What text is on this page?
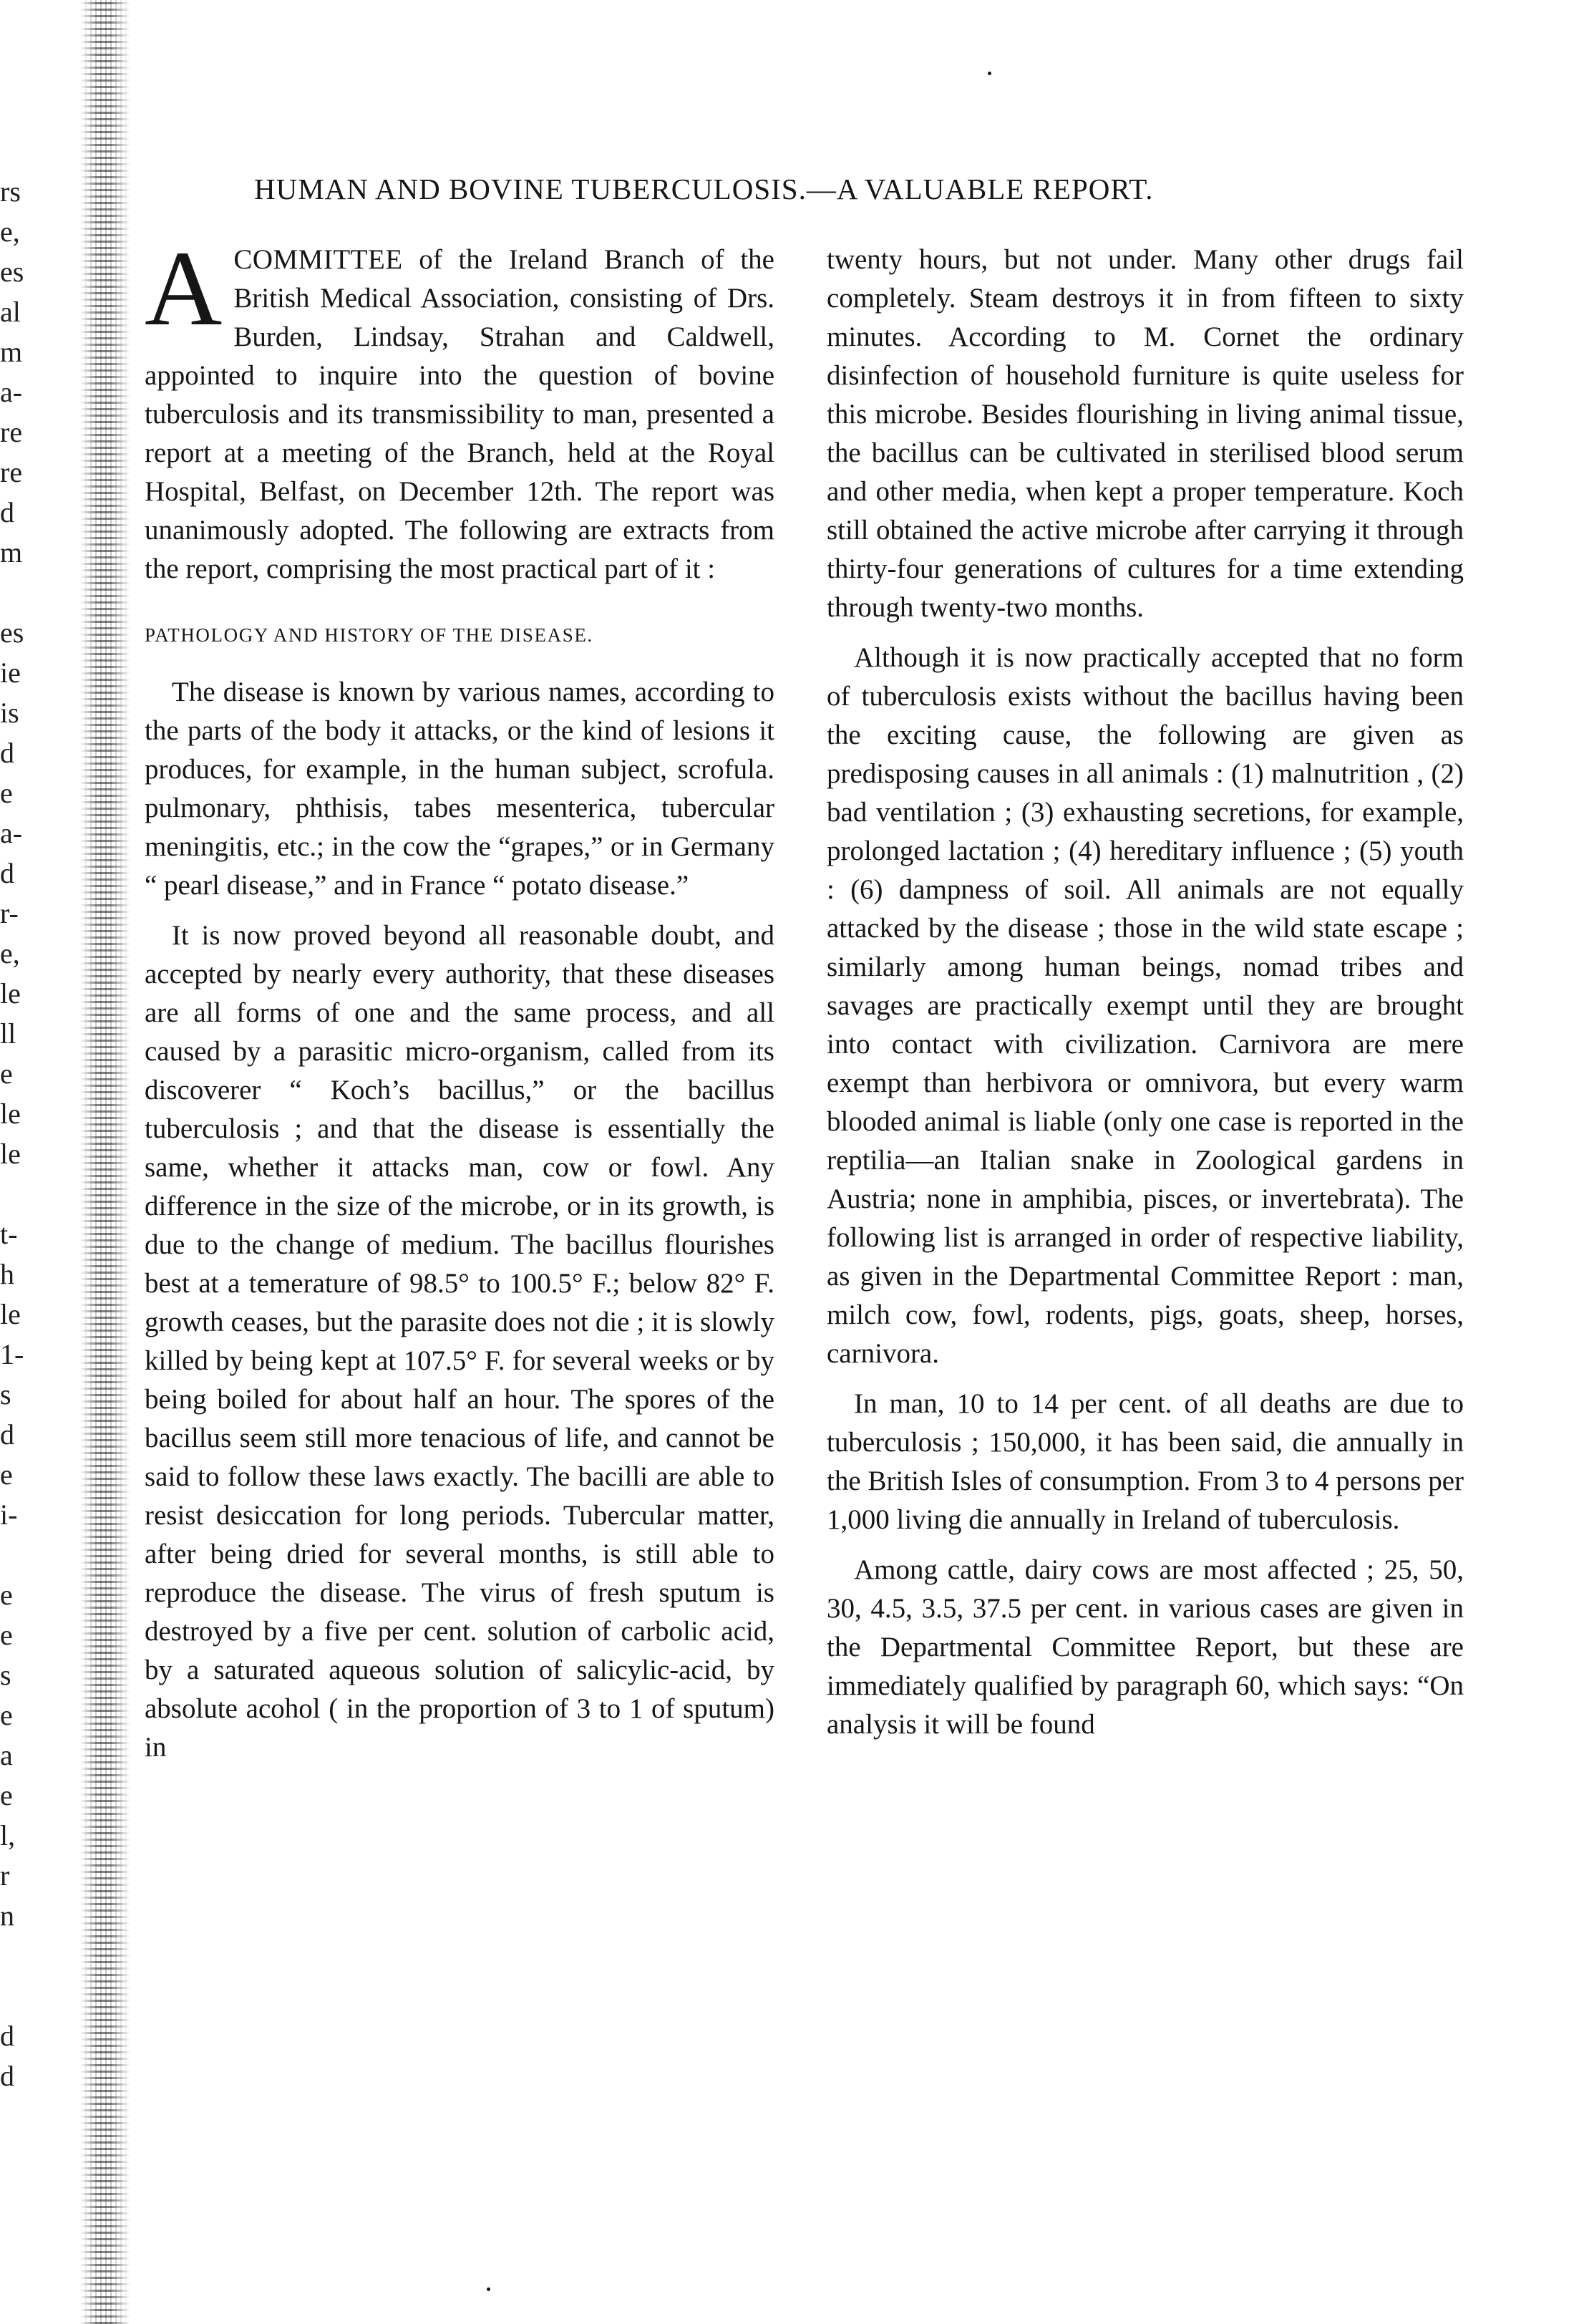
rs
e,
es
al
m
a-
re
re
d
m
es
ie
is
d
e
a-
d
r-
e,
le
ll
e
le
le
t-
h
le
1-
s
d
e
i-
e
e
s
e
a
e
l,
r
n
d
d
HUMAN AND BOVINE TUBERCULOSIS.—A VALUABLE REPORT.

ACOMMITTEE of the Ireland Branch of the British Medical Association, consisting of Drs. Burden, Lindsay, Strahan and Caldwell, appointed to inquire into the question of bovine tuberculosis and its transmissibility to man, presented a report at a meeting of the Branch, held at the Royal Hospital, Belfast, on December 12th. The report was unanimously adopted. The following are extracts from the report, comprising the most practical part of it :

PATHOLOGY AND HISTORY OF THE DISEASE.

The disease is known by various names, according to the parts of the body it attacks, or the kind of lesions it produces, for example, in the human subject, scrofula. pulmonary, phthisis, tabes mesenterica, tubercular meningitis, etc.; in the cow the “grapes,” or in Germany “ pearl disease,” and in France “ potato disease.”

It is now proved beyond all reasonable doubt, and accepted by nearly every authority, that these diseases are all forms of one and the same process, and all caused by a parasitic micro-organism, called from its discoverer “ Koch’s bacillus,” or the bacillus tuberculosis ; and that the disease is essentially the same, whether it attacks man, cow or fowl. Any difference in the size of the microbe, or in its growth, is due to the change of medium. The bacillus flourishes best at a temerature of 98.5° to 100.5° F.; below 82° F. growth ceases, but the parasite does not die ; it is slowly killed by being kept at 107.5° F. for several weeks or by being boiled for about half an hour. The spores of the bacillus seem still more tenacious of life, and cannot be said to follow these laws exactly. The bacilli are able to resist desiccation for long periods. Tubercular matter, after being dried for several months, is still able to reproduce the disease. The virus of fresh sputum is destroyed by a five per cent. solution of carbolic acid, by a saturated aqueous solution of salicylic-acid, by absolute acohol ( in the proportion of 3 to 1 of sputum) in

twenty hours, but not under. Many other drugs fail completely. Steam destroys it in from fifteen to sixty minutes. According to M. Cornet the ordinary disinfection of household furniture is quite useless for this microbe. Besides flourishing in living animal tissue, the bacillus can be cultivated in sterilised blood serum and other media, when kept a proper temperature. Koch still obtained the active microbe after carrying it through thirty-four generations of cultures for a time extending through twenty-two months.

Although it is now practically accepted that no form of tuberculosis exists without the bacillus having been the exciting cause, the following are given as predisposing causes in all animals : (1) malnutrition , (2) bad ventilation ; (3) exhausting secretions, for example, prolonged lactation ; (4) hereditary influence ; (5) youth : (6) dampness of soil. All animals are not equally attacked by the disease ; those in the wild state escape ; similarly among human beings, nomad tribes and savages are practically exempt until they are brought into contact with civilization. Carnivora are mere exempt than herbivora or omnivora, but every warm blooded animal is liable (only one case is reported in the reptilia—an Italian snake in Zoological gardens in Austria; none in amphibia, pisces, or invertebrata). The following list is arranged in order of respective liability, as given in the Departmental Committee Report : man, milch cow, fowl, rodents, pigs, goats, sheep, horses, carnivora.

In man, 10 to 14 per cent. of all deaths are due to tuberculosis ; 150,000, it has been said, die annually in the British Isles of consumption. From 3 to 4 persons per 1,000 living die annually in Ireland of tuberculosis.

Among cattle, dairy cows are most affected ; 25, 50, 30, 4.5, 3.5, 37.5 per cent. in various cases are given in the Departmental Committee Report, but these are immediately qualified by paragraph 60, which says: “On analysis it will be found
